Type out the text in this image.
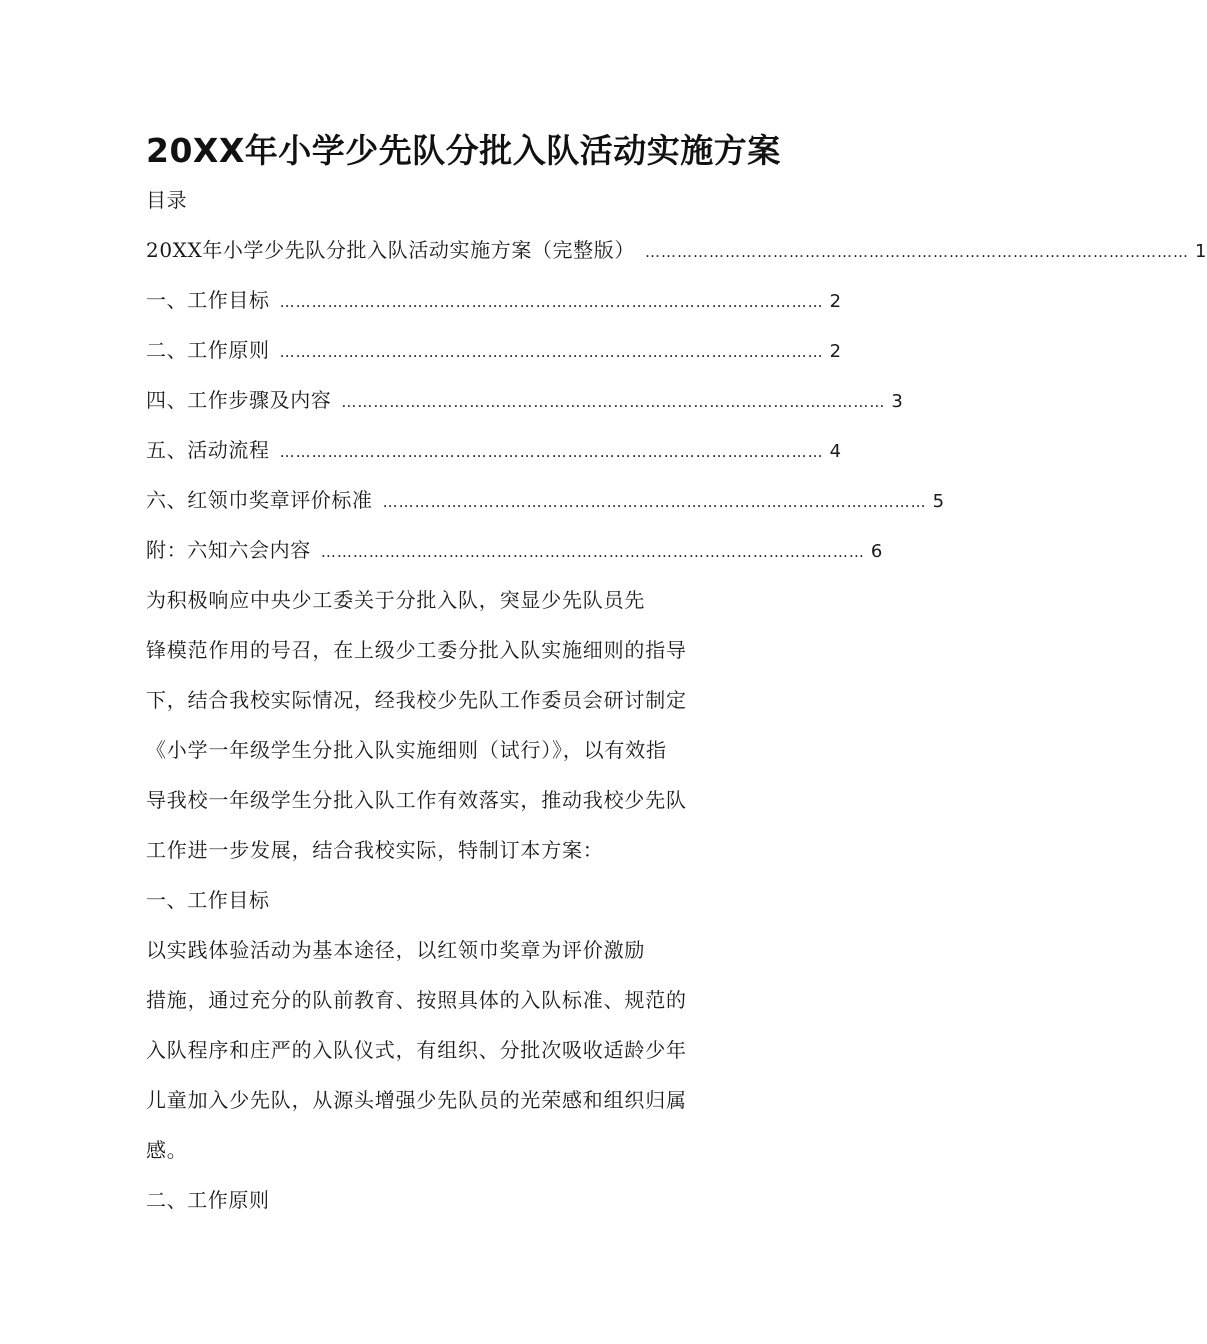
20XX年小学少先队分批入队活动实施方案
目录
20XX年小学少先队分批入队活动实施方案（完整版） ………………………………………………………………………………………… 1
一、工作目标 ………………………………………………………………………………………… 2
二、工作原则 ………………………………………………………………………………………… 2
四、工作步骤及内容 ………………………………………………………………………………………… 3
五、活动流程 ………………………………………………………………………………………… 4
六、红领巾奖章评价标准 ………………………………………………………………………………………… 5
附：六知六会内容 ………………………………………………………………………………………… 6
为积极响应中央少工委关于分批入队，突显少先队员先
锋模范作用的号召，在上级少工委分批入队实施细则的指导
下，结合我校实际情况，经我校少先队工作委员会研讨制定
《小学一年级学生分批入队实施细则（试行）》，以有效指
导我校一年级学生分批入队工作有效落实，推动我校少先队
工作进一步发展，结合我校实际，特制订本方案：
一、工作目标
以实践体验活动为基本途径，以红领巾奖章为评价激励
措施，通过充分的队前教育、按照具体的入队标准、规范的
入队程序和庄严的入队仪式，有组织、分批次吸收适龄少年
儿童加入少先队，从源头增强少先队员的光荣感和组织归属
感。
二、工作原则
